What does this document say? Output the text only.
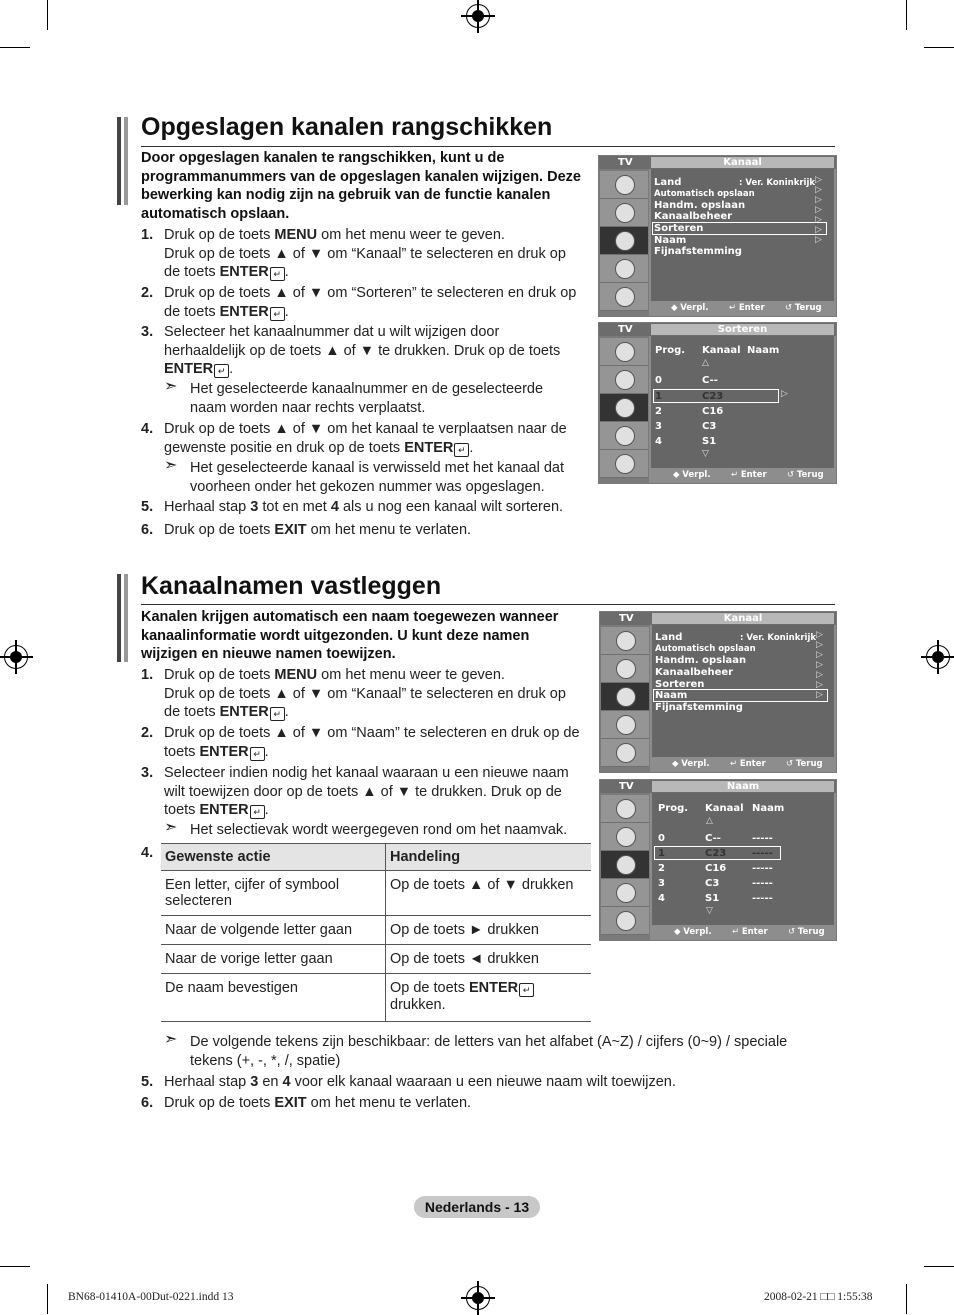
Opgeslagen kanalen rangschikken
Door opgeslagen kanalen te rangschikken, kunt u de programmanummers van de opgeslagen kanalen wijzigen. Deze bewerking kan nodig zijn na gebruik van de functie kanalen automatisch opslaan.
1. Druk op de toets MENU om het menu weer te geven.
Druk op de toets ▲ of ▼ om “Kanaal” te selecteren en druk op
de toets ENTER ↵ .
2. Druk op de toets ▲ of ▼ om “Sorteren” te selecteren en druk op
de toets ENTER ↵ .
3. Selecteer het kanaalnummer dat u wilt wijzigen door
herhaaldelijk op de toets ▲ of ▼ te drukken. Druk op de toets
ENTER ↵ .
➣ Het geselecteerde kanaalnummer en de geselecteerde
naam worden naar rechts verplaatst.
4. Druk op de toets ▲ of ▼ om het kanaal te verplaatsen naar de
gewenste positie en druk op de toets ENTER ↵ .
➣ Het geselecteerde kanaal is verwisseld met het kanaal dat
voorheen onder het gekozen nummer was opgeslagen.
5. Herhaal stap 3 tot en met 4 als u nog een kanaal wilt sorteren.
6. Druk op de toets EXIT om het menu te verlaten.
TV	Kanaal
Land	: Ver. Koninkrijk
Automatisch opslaan
Handm. opslaan
Kanaalbeheer
Sorteren
Naam
Fijnafstemming
▷
▷
▷
▷
▷
▷
▷
◆ Verpl. ↵ Enter ↺ Terug
TV	Sorteren
Prog. Kanaal Naam
△
0	C--
1	C23	▷
2	C16
3	C3
4	S1
▽
◆ Verpl. ↵ Enter ↺ Terug
Kanaalnamen vastleggen
Kanalen krijgen automatisch een naam toegewezen wanneer kanaalinformatie wordt uitgezonden. U kunt deze namen wijzigen en nieuwe namen toewijzen.
1. Druk op de toets MENU om het menu weer te geven.
Druk op de toets ▲ of ▼ om “Kanaal” te selecteren en druk op
de toets ENTER ↵ .
2. Druk op de toets ▲ of ▼ om “Naam” te selecteren en druk op de
toets ENTER ↵ .
3. Selecteer indien nodig het kanaal waaraan u een nieuwe naam
wilt toewijzen door op de toets ▲ of ▼ te drukken. Druk op de
toets ENTER ↵ .
➣ Het selectievak wordt weergegeven rond om het naamvak.
4. Gewenste actie	Handeling
Een letter, cijfer of symbool selecteren	Op de toets ▲ of ▼ drukken
Naar de volgende letter gaan	Op de toets ► drukken
Naar de vorige letter gaan	Op de toets ◄ drukken
De naam bevestigen	Op de toets ENTER ↵
drukken.
➣ De volgende tekens zijn beschikbaar: de letters van het alfabet (A~Z) / cijfers (0~9) / speciale
tekens (+, -, *, /, spatie)
5. Herhaal stap 3 en 4 voor elk kanaal waaraan u een nieuwe naam wilt toewijzen.
6. Druk op de toets EXIT om het menu te verlaten.
TV	Kanaal
Land	: Ver. Koninkrijk
Automatisch opslaan
Handm. opslaan
Kanaalbeheer
Sorteren
Naam
Fijnafstemming
▷
▷
▷
▷
▷
▷
▷
◆ Verpl. ↵ Enter ↺ Terug
TV	Naam
Prog. Kanaal Naam
△
0	C--	-----
1	C23	-----
2	C16	-----
3	C3	-----
4	S1	-----
▽
◆ Verpl. ↵ Enter ↺ Terug
Nederlands - 13
BN68-01410A-00Dut-0221.indd 13	2008-02-21 □□ 1:55:38
